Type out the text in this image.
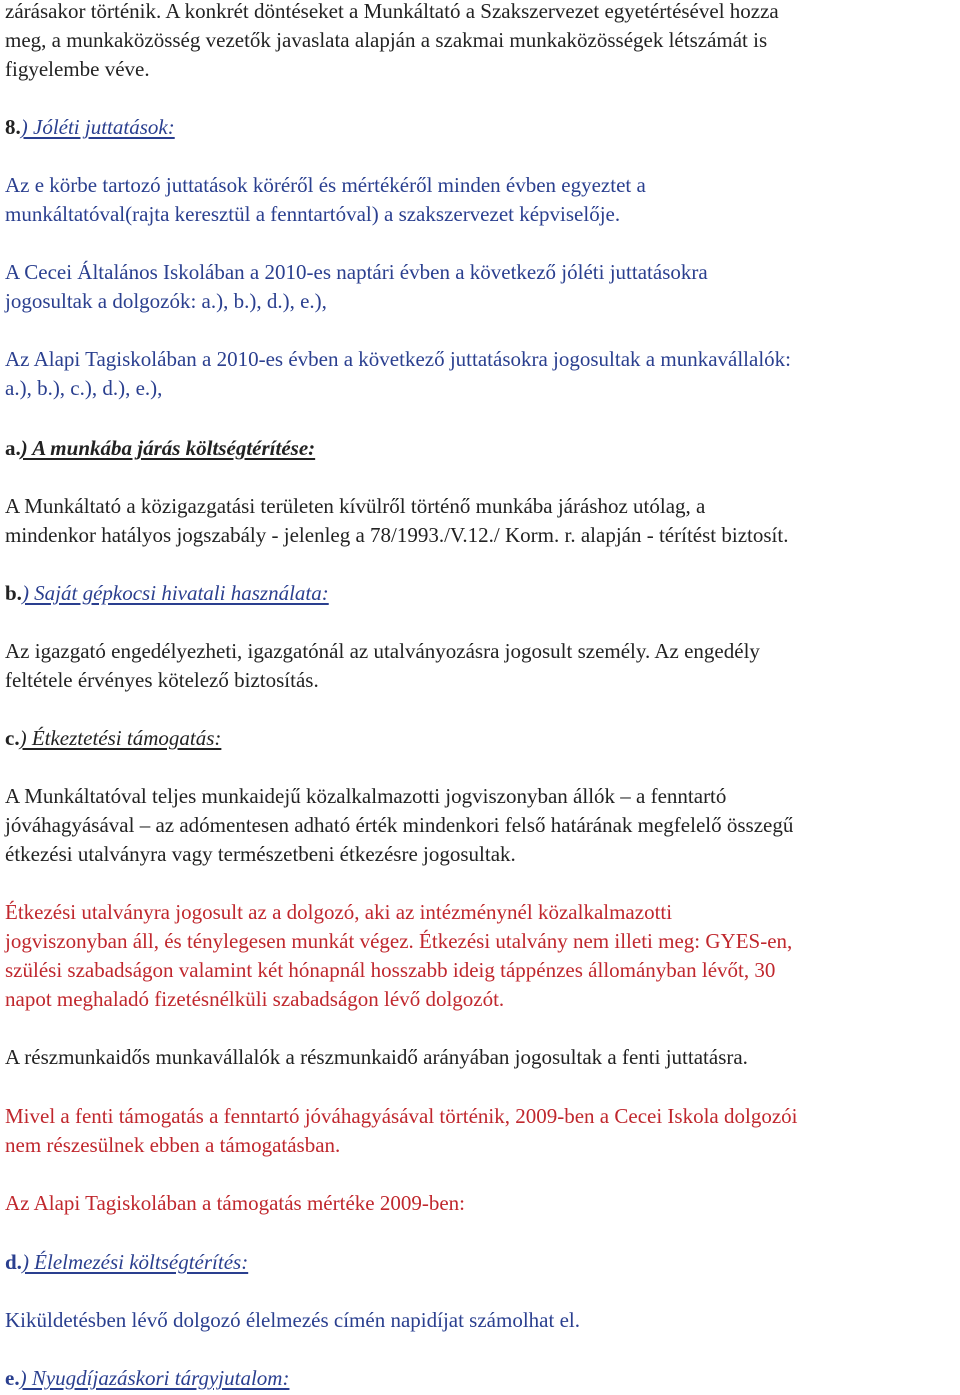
zárásakor történik. A konkrét döntéseket a Munkáltató a Szakszervezet egyetértésével hozza
meg, a munkaközösség vezetők javaslata alapján a szakmai munkaközösségek létszámát is
figyelembe véve.
8.) Jóléti juttatások:
Az e körbe tartozó juttatások köréről és mértékéről minden évben egyeztet a
munkáltatóval(rajta keresztül a fenntartóval) a szakszervezet képviselője.
A Cecei Általános Iskolában a 2010-es naptári évben a következő jóléti juttatásokra
jogosultak a dolgozók: a.), b.), d.), e.),
Az Alapi Tagiskolában a 2010-es évben a következő juttatásokra jogosultak a munkavállalók:
a.), b.), c.), d.), e.),
a.) A munkába járás költségtérítése:
A Munkáltató a közigazgatási területen kívülről történő munkába járáshoz utólag, a
mindenkor hatályos jogszabály - jelenleg a 78/1993./V.12./ Korm. r. alapján - térítést biztosít.
b.) Saját gépkocsi hivatali használata:
Az igazgató engedélyezheti, igazgatónál az utalványozásra jogosult személy. Az engedély
feltétele érvényes kötelező biztosítás.
c.) Étkeztetési támogatás:
A Munkáltatóval teljes munkaidejű közalkalmazotti jogviszonyban állók – a fenntartó
jóváhagyásával – az adómentesen adható érték mindenkori felső határának megfelelő összegű
étkezési utalványra vagy természetbeni étkezésre jogosultak.
Étkezési utalványra jogosult az a dolgozó, aki az intézménynél közalkalmazotti
jogviszonyban áll, és ténylegesen munkát végez. Étkezési utalvány nem illeti meg: GYES-en,
szülési szabadságon valamint két hónapnál hosszabb ideig táppénzes állományban lévőt, 30
napot meghaladó fizetésnélküli szabadságon lévő dolgozót.
A részmunkaidős munkavállalók a részmunkaidő arányában jogosultak a fenti juttatásra.
Mivel a fenti támogatás a fenntartó jóváhagyásával történik, 2009-ben a Cecei Iskola dolgozói
nem részesülnek ebben a támogatásban.
Az Alapi Tagiskolában a támogatás mértéke 2009-ben:
d.) Élelmezési költségtérítés:
Kiküldetésben lévő dolgozó élelmezés címén napidíjat számolhat el.
e.) Nyugdíjazáskori tárgyjutalom:
